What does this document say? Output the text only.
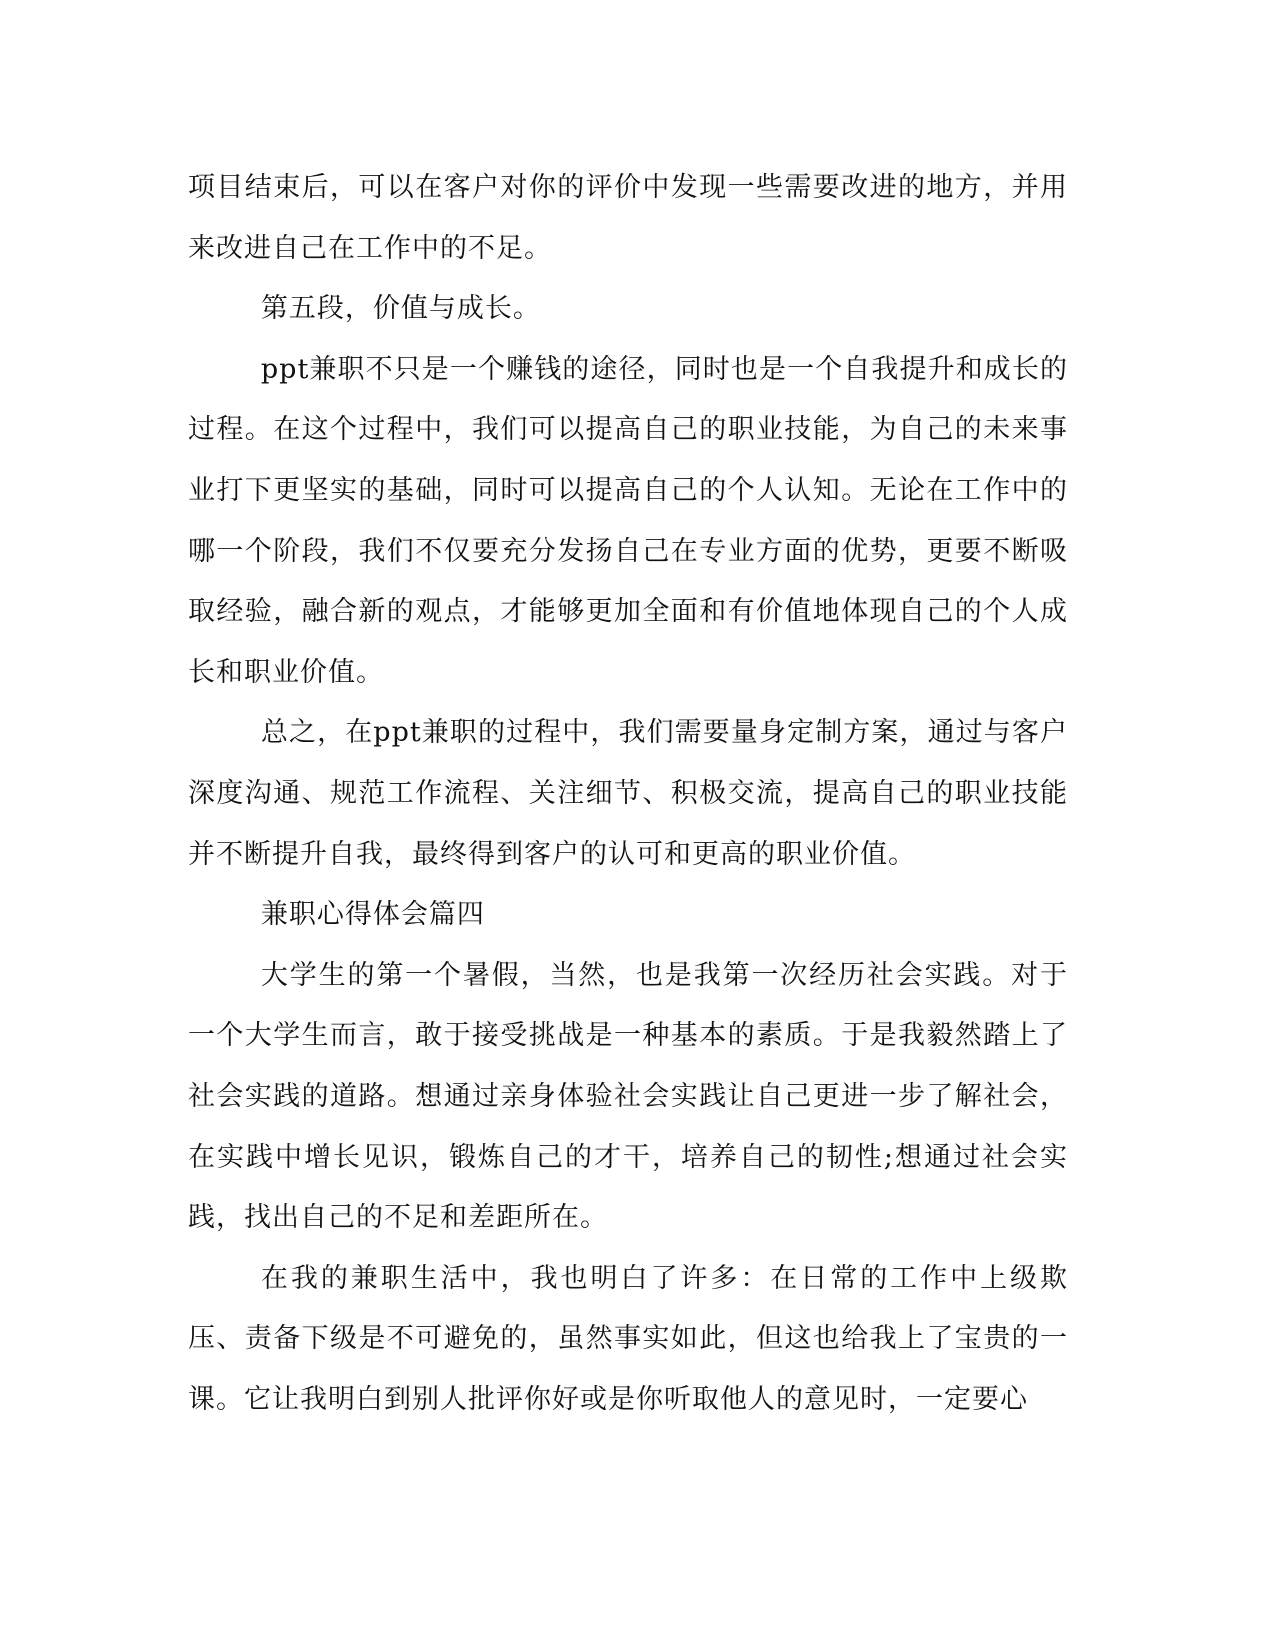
项目结束后，可以在客户对你的评价中发现一些需要改进的地方，并用来改进自己在工作中的不足。

第五段，价值与成长。

ppt兼职不只是一个赚钱的途径，同时也是一个自我提升和成长的过程。在这个过程中，我们可以提高自己的职业技能，为自己的未来事业打下更坚实的基础，同时可以提高自己的个人认知。无论在工作中的哪一个阶段，我们不仅要充分发扬自己在专业方面的优势，更要不断吸取经验，融合新的观点，才能够更加全面和有价值地体现自己的个人成长和职业价值。

总之，在ppt兼职的过程中，我们需要量身定制方案，通过与客户深度沟通、规范工作流程、关注细节、积极交流，提高自己的职业技能并不断提升自我，最终得到客户的认可和更高的职业价值。

兼职心得体会篇四

大学生的第一个暑假，当然，也是我第一次经历社会实践。对于一个大学生而言，敢于接受挑战是一种基本的素质。于是我毅然踏上了社会实践的道路。想通过亲身体验社会实践让自己更进一步了解社会，在实践中增长见识，锻炼自己的才干，培养自己的韧性;想通过社会实践，找出自己的不足和差距所在。

在我的兼职生活中，我也明白了许多：在日常的工作中上级欺压、责备下级是不可避免的，虽然事实如此，但这也给我上了宝贵的一课。它让我明白到别人批评你好或是你听取他人的意见时，一定要心
